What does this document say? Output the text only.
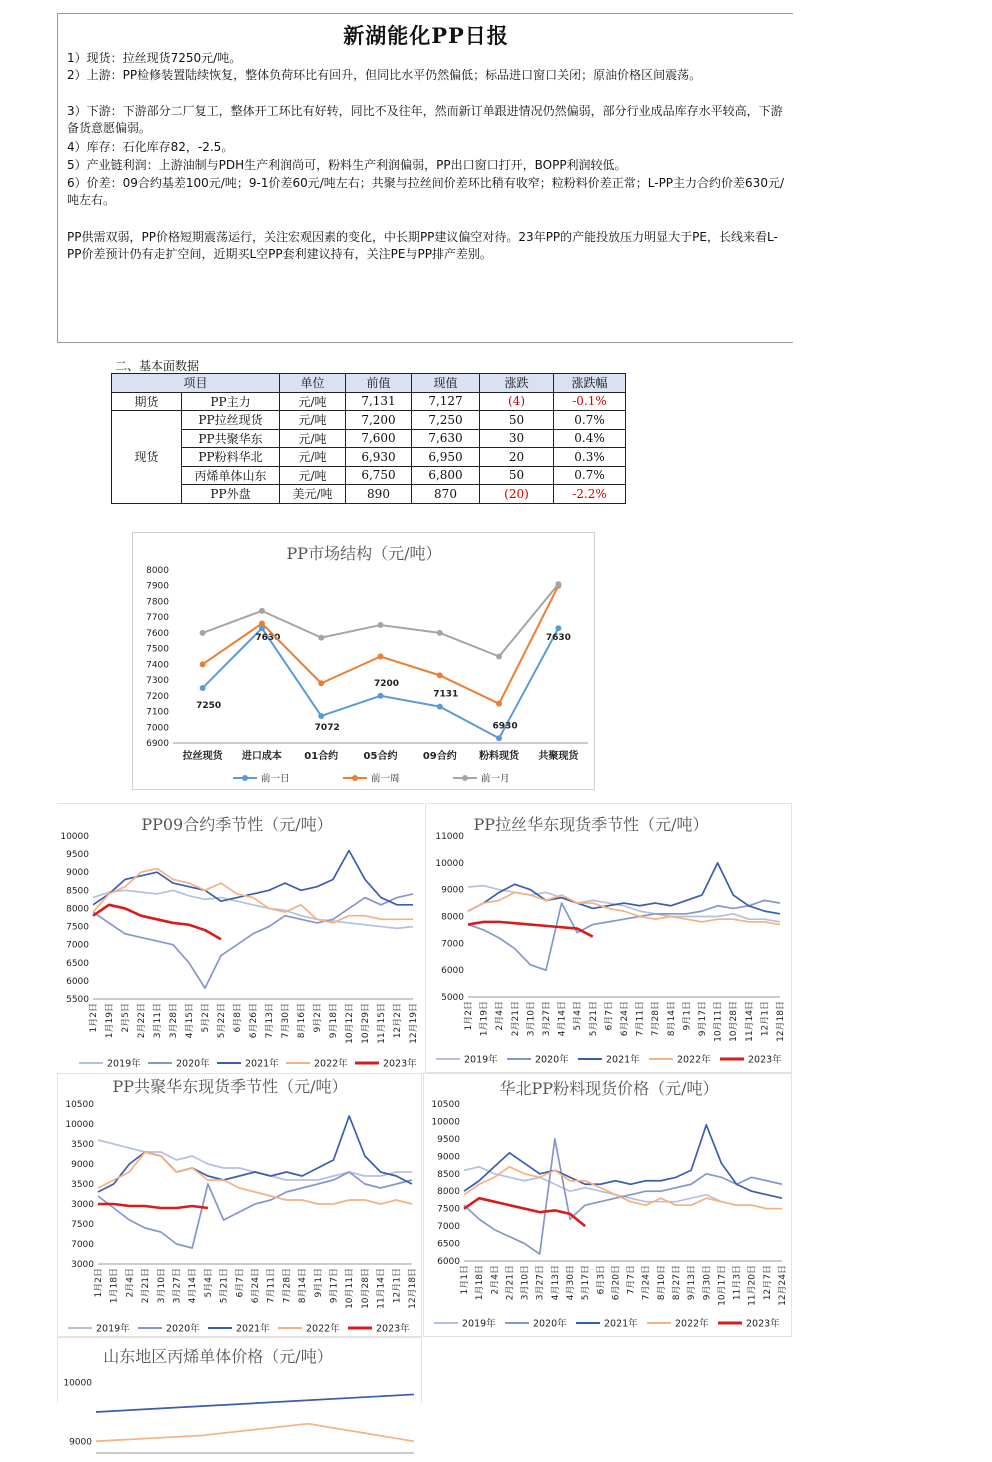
新湖能化PP日报
1）现货：拉丝现货7250元/吨。
2）上游：PP检修装置陆续恢复，整体负荷环比有回升，但同比水平仍然偏低；标品进口窗口关闭；原油价格区间震荡。
3）下游：下游部分二厂复工，整体开工环比有好转，同比不及往年，然而新订单跟进情况仍然偏弱，部分行业成品库存水平较高，下游备货意愿偏弱。
4）库存：石化库存82，-2.5。
5）产业链利润：上游油制与PDH生产利润尚可，粉料生产利润偏弱，PP出口窗口打开，BOPP利润较低。
6）价差：09合约基差100元/吨；9-1价差60元/吨左右；共聚与拉丝间价差环比稍有收窄；粒粉料价差正常；L-PP主力合约价差630元/吨左右。
PP供需双弱，PP价格短期震荡运行，关注宏观因素的变化，中长期PP建议偏空对待。23年PP的产能投放压力明显大于PE，长线来看L-PP价差预计仍有走扩空间，近期买L空PP套利建议持有，关注PE与PP排产差别。
二、基本面数据
项目		单位	前值	现值	涨跌	涨跌幅
期货	PP主力	元/吨	7,131	7,127	(4)	-0.1%
现货	PP拉丝现货	元/吨	7,200	7,250	50	0.7%
	PP共聚华东	元/吨	7,600	7,630	30	0.4%
	PP粉料华北	元/吨	6,930	6,950	20	0.3%
	丙烯单体山东	元/吨	6,750	6,800	50	0.7%
	PP外盘	美元/吨	890	870	(20)	-2.2%
PP市场结构（元/吨）
6900
7000
7100
7200
7300
7400
7500
7600
7700
7800
7900
8000
拉丝现货 进口成本 01合约	05合约	09合约 粉料现货 共聚现货
7250
7630
7072
7200
7131
6930
7630
前一日	前一周	前一月
PP09合约季节性（元/吨）
5500
6000
6500
7000
7500
8000
8500
9000
9500
10000
1月2日 1月19日 2月5日 2月22日 3月11日 3月28日 4月15日 5月2日 5月22日 6月8日 6月26日 7月13日 7月30日 8月16日 9月2日 9月18日 10月12日 10月29日 11月15日 12月2日 12月19日
2019年	2020年	2021年	2022年	2023年
PP拉丝华东现货季节性（元/吨）
5000
6000
7000
8000
9000
10000
11000
1月2日 1月19日 2月4日 2月21日 3月10日 3月27日 4月14日 5月4日 5月21日 6月7日 6月24日 7月11日 7月28日 8月14日 9月1日 9月17日 10月11日 10月28日 11月14日 12月1日 12月18日
2019年	2020年	2021年	2022年	2023年
PP共聚华东现货季节性（元/吨）
3000
7000
7500
3000
3500
9000
3500
10000
10500
1月2日 1月18日 2月4日 2月21日 3月10日 3月27日 4月14日 5月4日 5月21日 6月7日 6月24日 7月11日 7月28日 8月14日 9月1日 9月17日 10月11日 10月28日 11月14日 12月1日 12月18日
2019年	2020年	2021年	2022年	2023年
华北PP粉料现货价格（元/吨）
6000
6500
7000
7500
8000
8500
9000
9500
10000
10500
1月1日 1月18日 2月4日 2月21日 3月10日 3月27日 4月13日 4月30日 5月17日 6月3日 6月20日 7月7日 7月24日 8月10日 8月27日 9月13日 9月30日 10月17日 11月3日 11月20日 12月7日 12月24日
2019年	2020年	2021年	2022年	2023年
山东地区丙烯单体价格（元/吨）
9000
10000
